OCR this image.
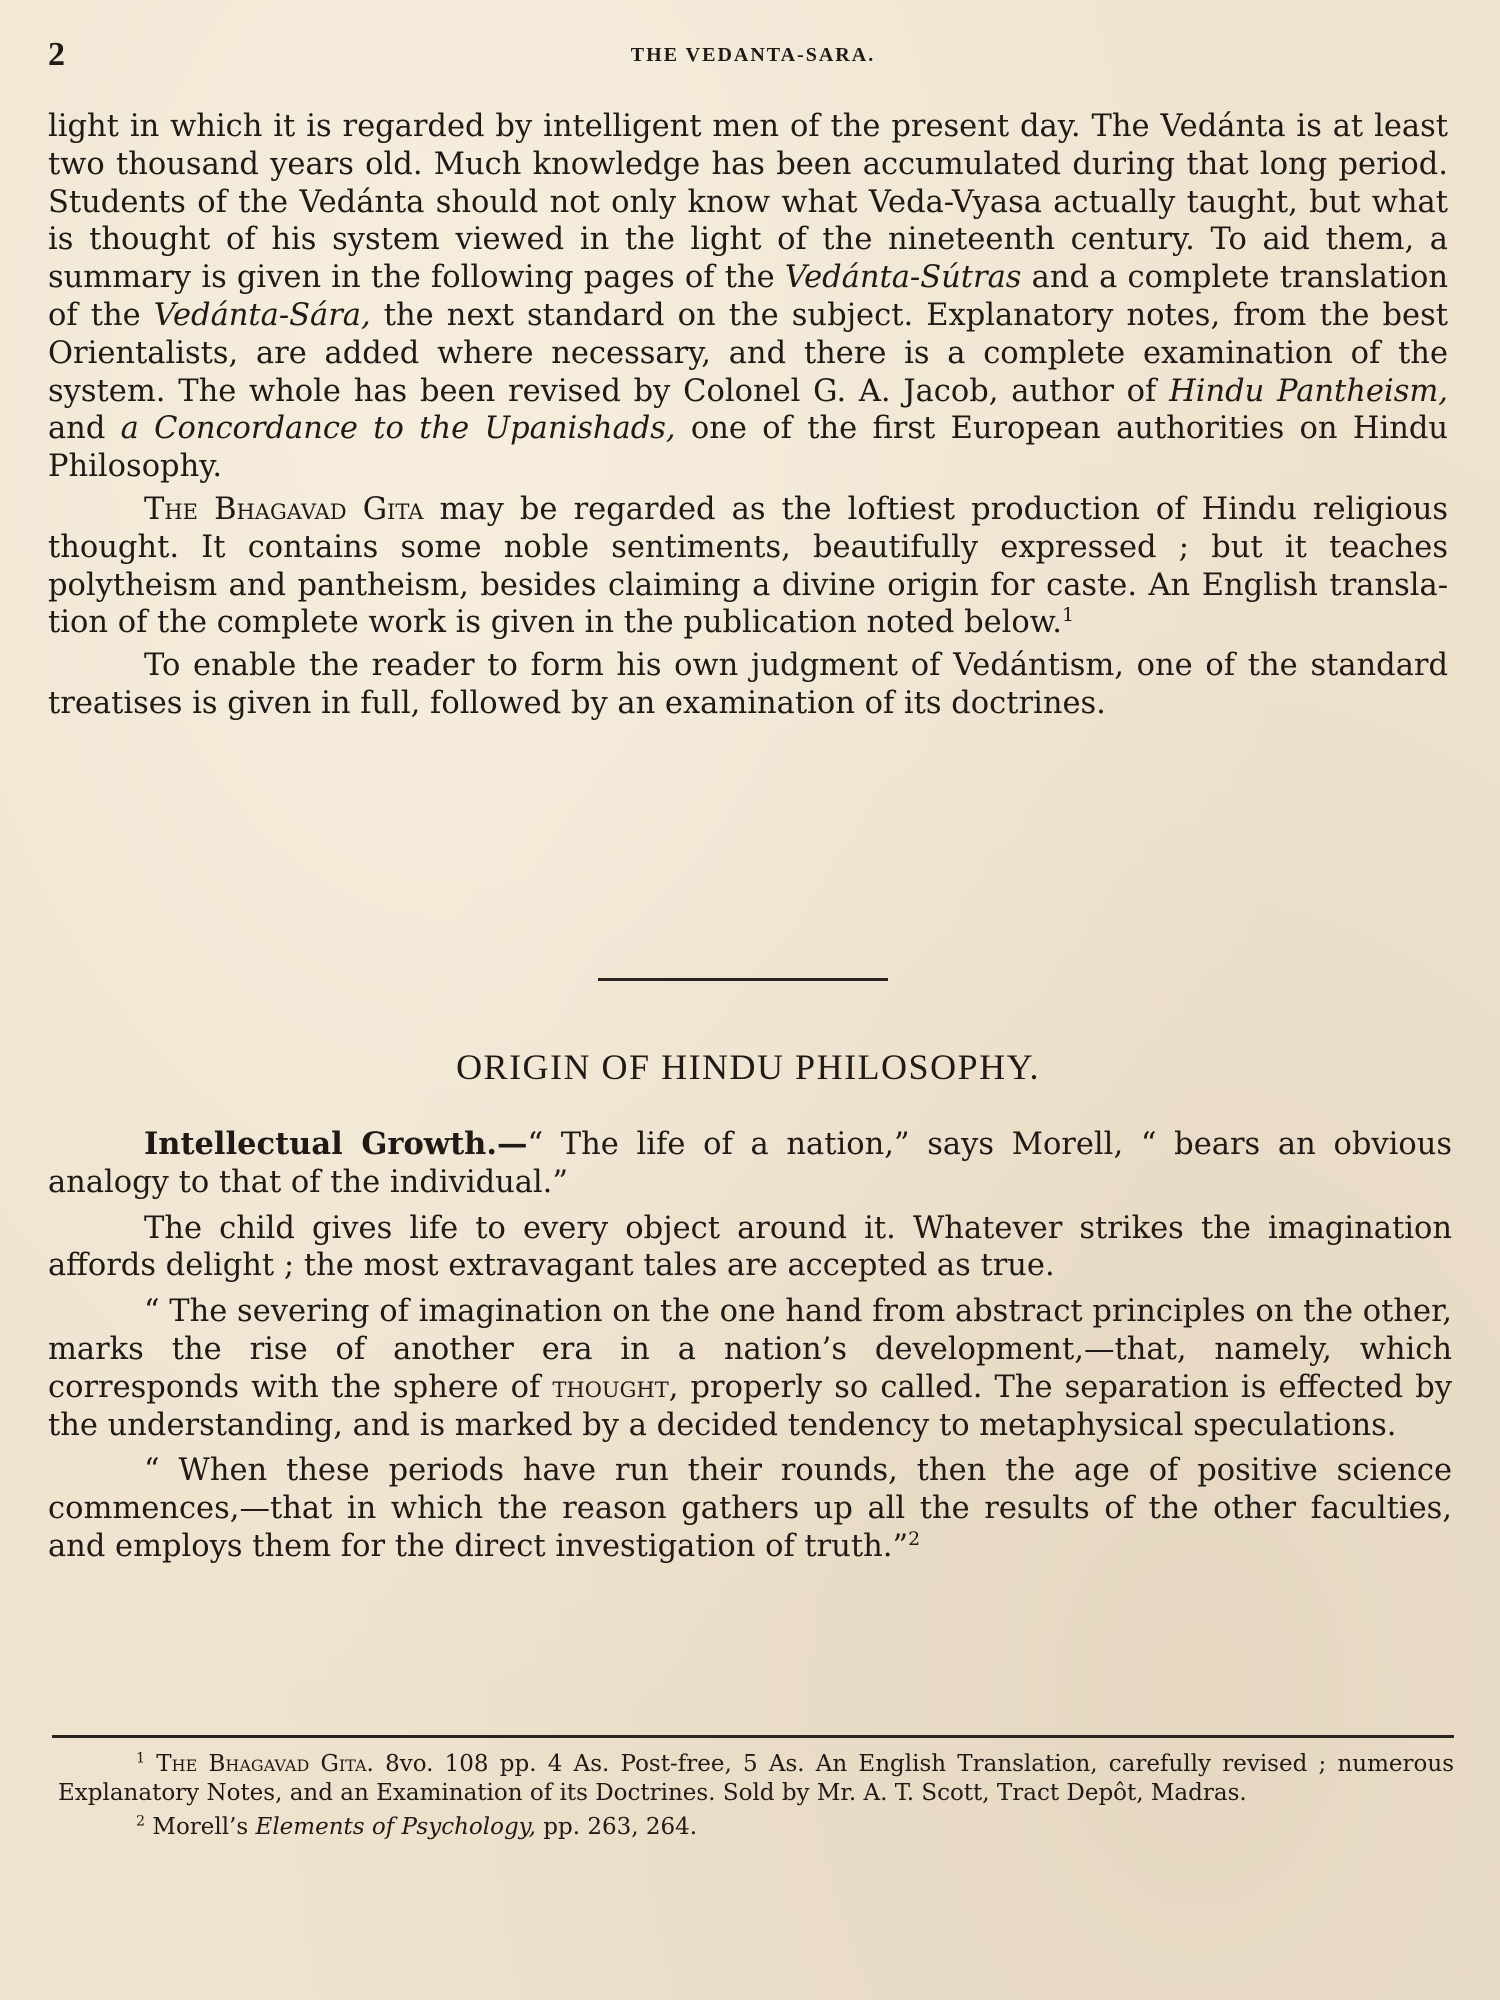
2	THE VEDANTA-SARA.

light in which it is regarded by intelligent men of the present day. The Vedánta is at least two thousand years old. Much knowledge has been accumulated during that long period. Students of the Vedánta should not only know what Veda-Vyasa actually taught, but what is thought of his system viewed in the light of the nineteenth century. To aid them, a summary is given in the following pages of the Vedánta-Sútras and a complete translation of the Vedánta-Sára, the next standard on the subject. Explanatory notes, from the best Orientalists, are added where necessary, and there is a complete examination of the system. The whole has been revised by Colonel G. A. Jacob, author of Hindu Pantheism, and a Concordance to the Upanishads, one of the first European authorities on Hindu Philosophy.

The Bhagavad Gita may be regarded as the loftiest production of Hindu religious thought. It contains some noble sentiments, beautifully expressed ; but it teaches polytheism and pantheism, besides claiming a divine origin for caste. An English translation of the complete work is given in the publication noted below.$^1$

To enable the reader to form his own judgment of Vedántism, one of the standard treatises is given in full, followed by an examination of its doctrines.

ORIGIN OF HINDU PHILOSOPHY.

Intellectual Growth.—“ The life of a nation,” says Morell, “ bears an obvious analogy to that of the individual.”

The child gives life to every object around it. Whatever strikes the imagination affords delight ; the most extravagant tales are accepted as true.

“ The severing of imagination on the one hand from abstract principles on the other, marks the rise of another era in a nation’s development,—that, namely, which corresponds with the sphere of thought, properly so called. The separation is effected by the understanding, and is marked by a decided tendency to metaphysical speculations.

“ When these periods have run their rounds, then the age of positive science commences,—that in which the reason gathers up all the results of the other faculties, and employs them for the direct investigation of truth.”$^2$

$^1$ The Bhagavad Gita. 8vo. 108 pp. 4 As. Post-free, 5 As. An English Translation, carefully revised ; numerous Explanatory Notes, and an Examination of its Doctrines. Sold by Mr. A. T. Scott, Tract Depôt, Madras.

$^2$ Morell’s Elements of Psychology, pp. 263, 264.
